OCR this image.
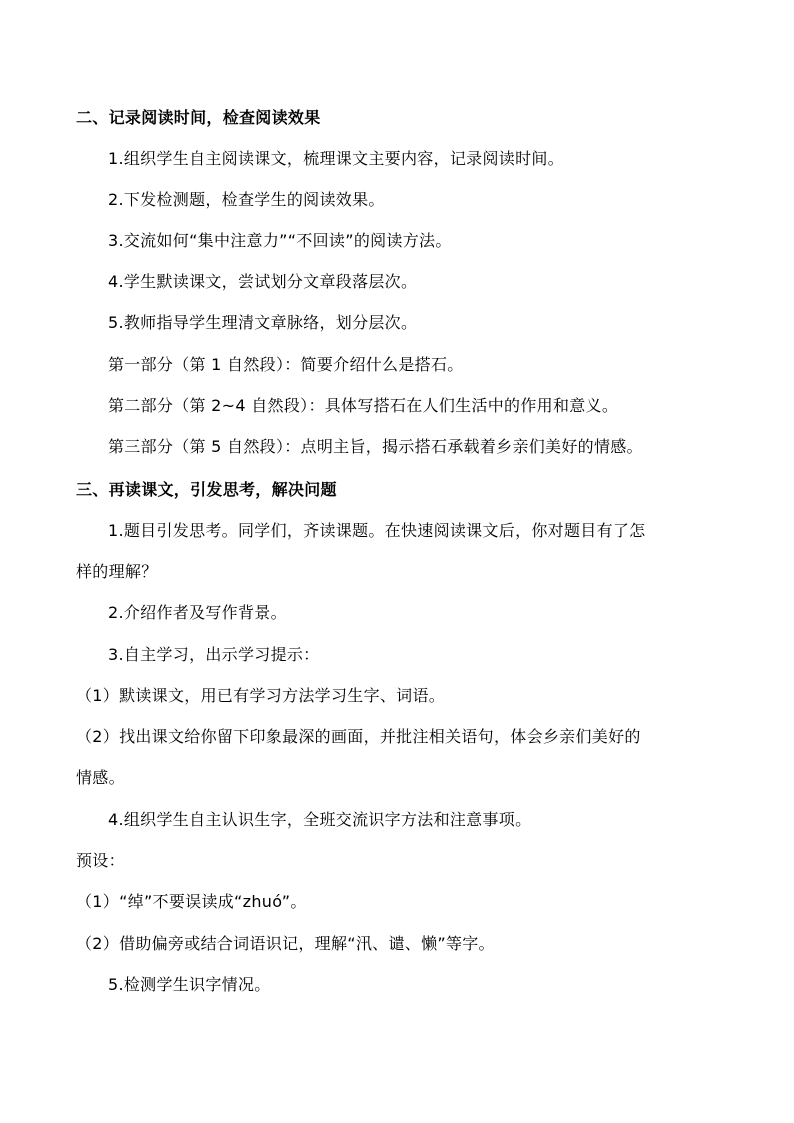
二、记录阅读时间，检查阅读效果
1.组织学生自主阅读课文，梳理课文主要内容，记录阅读时间。
2.下发检测题，检查学生的阅读效果。
3.交流如何“集中注意力”“不回读”的阅读方法。
4.学生默读课文，尝试划分文章段落层次。
5.教师指导学生理清文章脉络，划分层次。
第一部分（第 1 自然段）：简要介绍什么是搭石。
第二部分（第 2~4 自然段）：具体写搭石在人们生活中的作用和意义。
第三部分（第 5 自然段）：点明主旨，揭示搭石承载着乡亲们美好的情感。
三、再读课文，引发思考，解决问题
1.题目引发思考。同学们，齐读课题。在快速阅读课文后，你对题目有了怎
样的理解？
2.介绍作者及写作背景。
3.自主学习，出示学习提示：
（1）默读课文，用已有学习方法学习生字、词语。
（2）找出课文给你留下印象最深的画面，并批注相关语句，体会乡亲们美好的
情感。
4.组织学生自主认识生字，全班交流识字方法和注意事项。
预设：
（1）“绰”不要误读成“zhuó”。
（2）借助偏旁或结合词语识记，理解“汛、谴、懒”等字。
5.检测学生识字情况。
